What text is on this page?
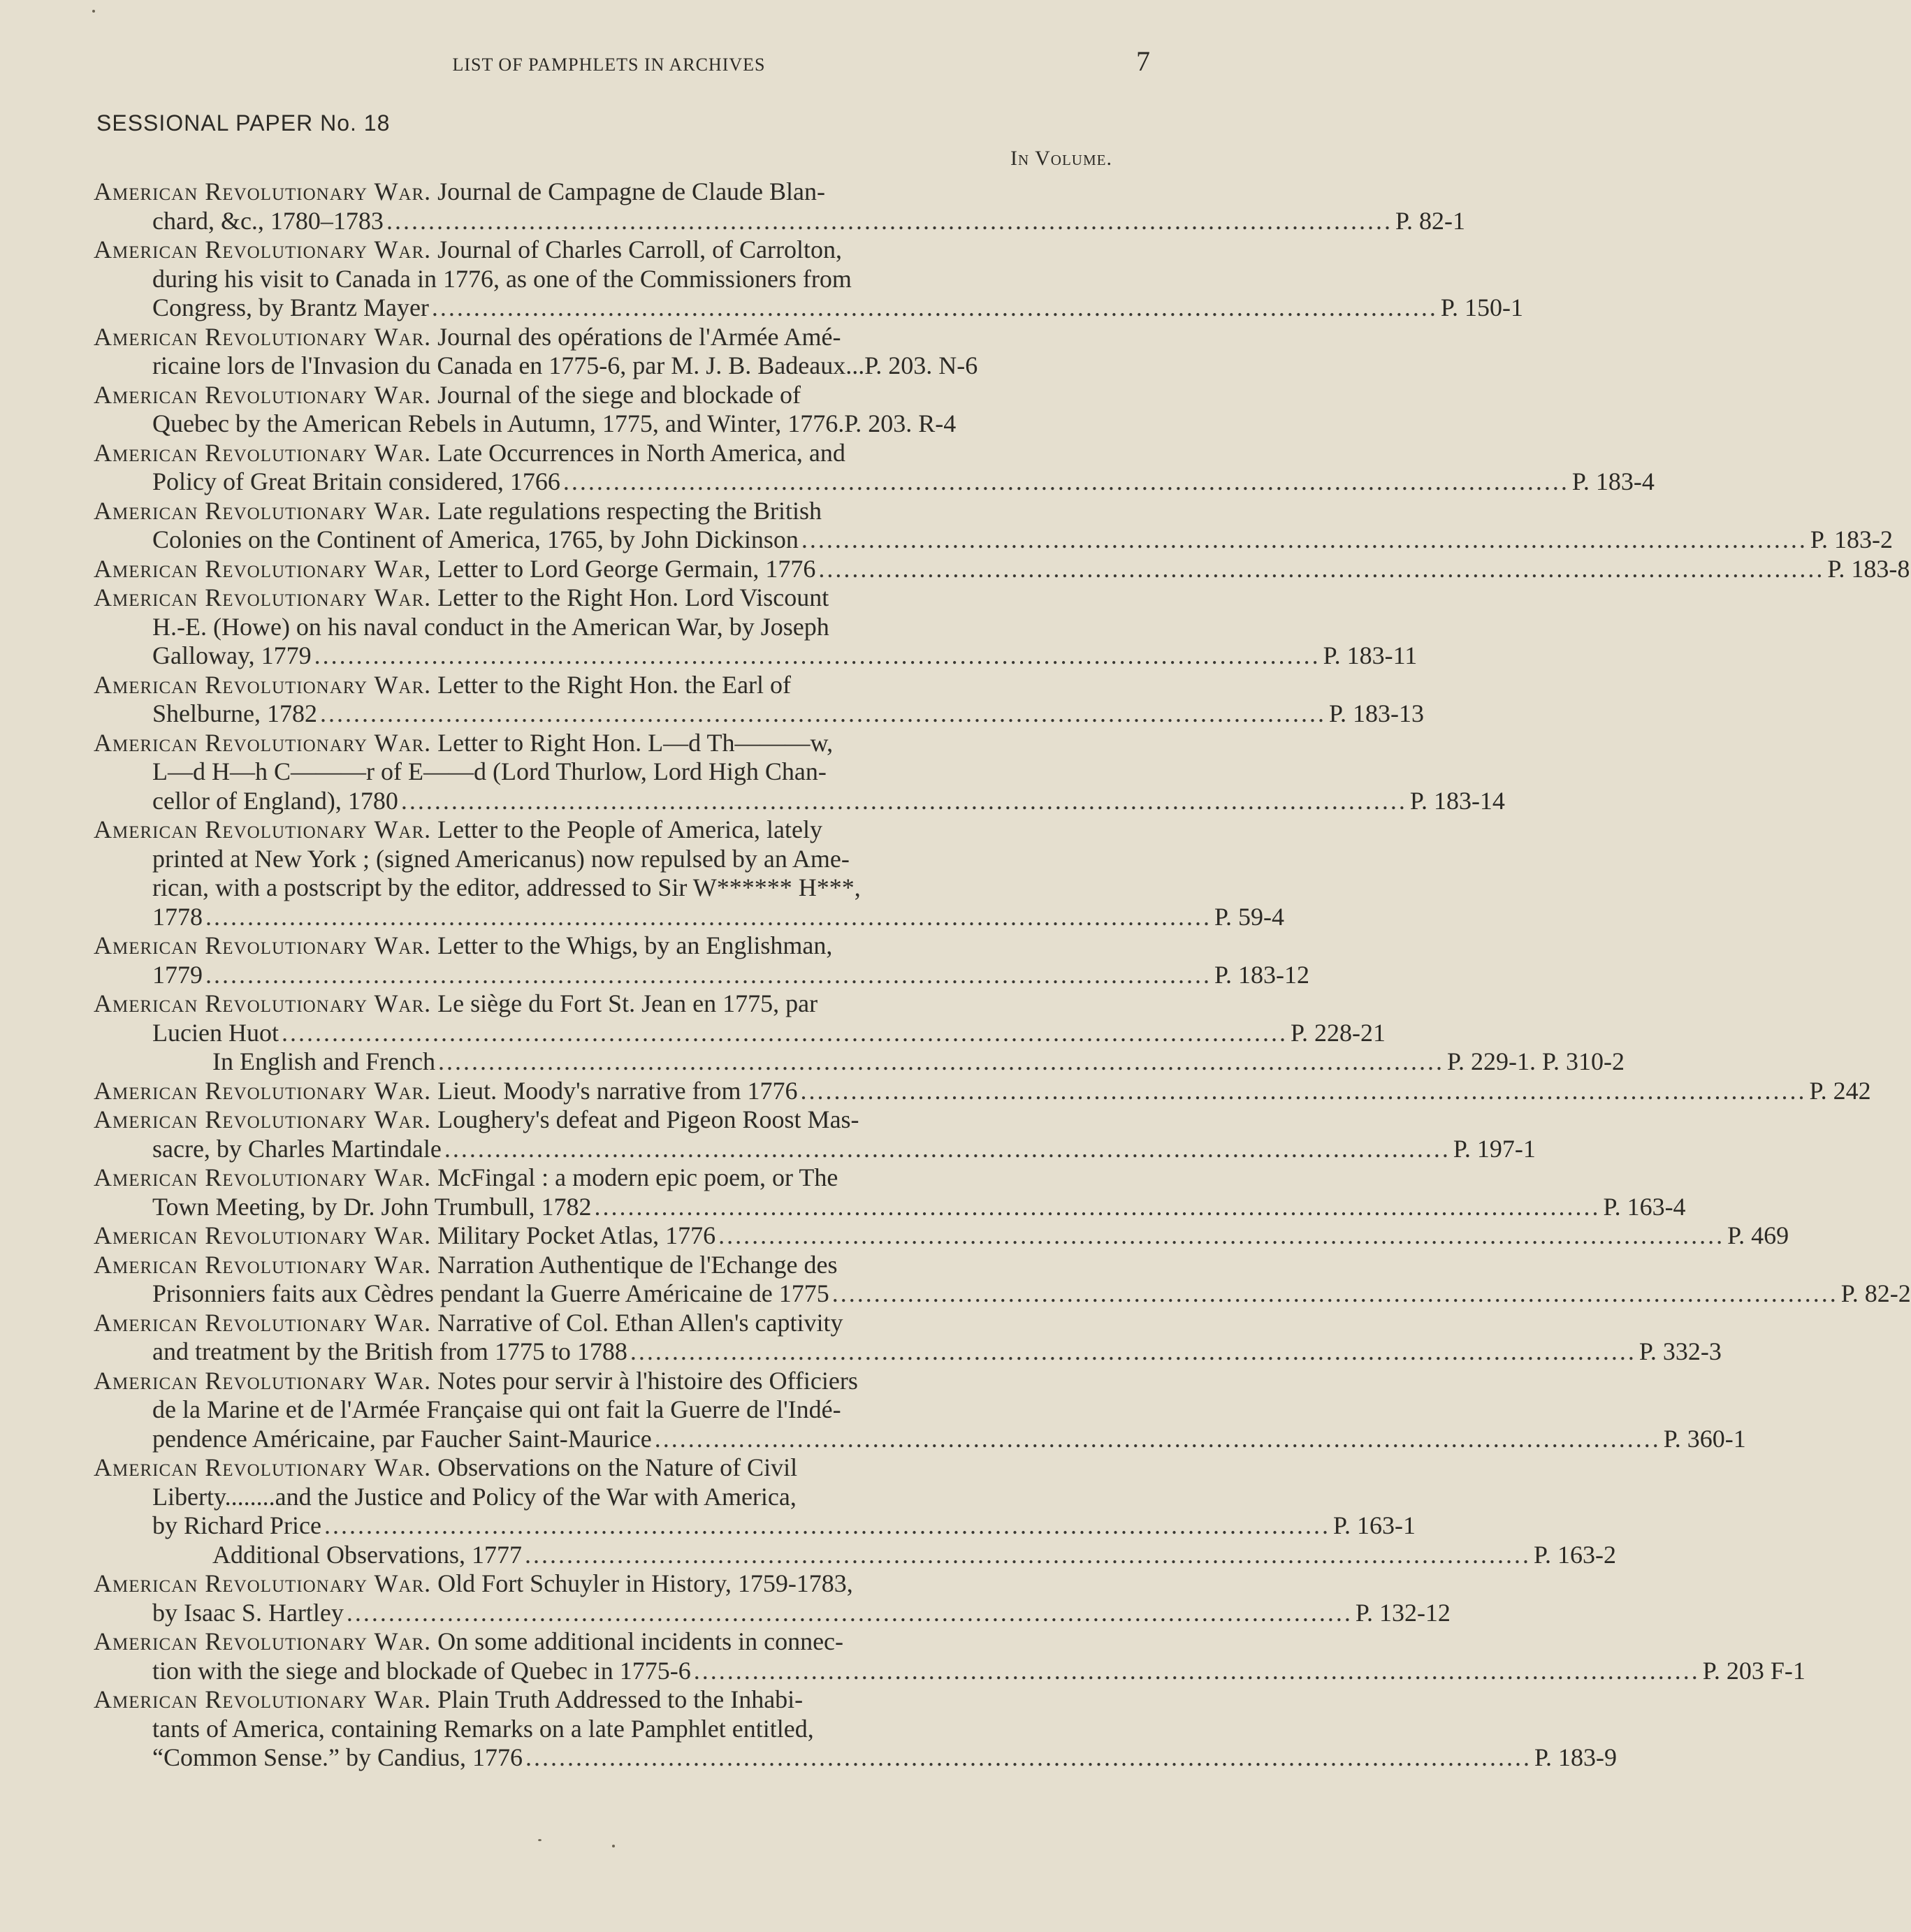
LIST OF PAMPHLETS IN ARCHIVES	7
SESSIONAL PAPER No. 18
In Volume.
American Revolutionary War. Journal de Campagne de Claude Blan-
chard, &c., 1780–1783 ........................................................................................................................ P. 82-1
American Revolutionary War. Journal of Charles Carroll, of Carrolton,
during his visit to Canada in 1776, as one of the Commissioners from
Congress, by Brantz Mayer ........................................................................................................................ P. 150-1
American Revolutionary War. Journal des opérations de l'Armée Amé-
ricaine lors de l'Invasion du Canada en 1775-6, par M. J. B. Badeaux...P. 203. N-6
American Revolutionary War. Journal of the siege and blockade of
Quebec by the American Rebels in Autumn, 1775, and Winter, 1776.P. 203. R-4
American Revolutionary War. Late Occurrences in North America, and
Policy of Great Britain considered, 1766 ........................................................................................................................ P. 183-4
American Revolutionary War. Late regulations respecting the British
Colonies on the Continent of America, 1765, by John Dickinson ........................................................................................................................ P. 183-2
American Revolutionary War, Letter to Lord George Germain, 1776 ........................................................................................................................ P. 183-8
American Revolutionary War. Letter to the Right Hon. Lord Viscount
H.-E. (Howe) on his naval conduct in the American War, by Joseph
Galloway, 1779 ........................................................................................................................ P. 183-11
American Revolutionary War. Letter to the Right Hon. the Earl of
Shelburne, 1782 ........................................................................................................................ P. 183-13
American Revolutionary War. Letter to Right Hon. L—d Th———w,
L—d H—h C———r of E——d (Lord Thurlow, Lord High Chan-
cellor of England), 1780 ........................................................................................................................ P. 183-14
American Revolutionary War. Letter to the People of America, lately
printed at New York ; (signed Americanus) now repulsed by an Ame-
rican, with a postscript by the editor, addressed to Sir W****** H***,
1778 ........................................................................................................................ P. 59-4
American Revolutionary War. Letter to the Whigs, by an Englishman,
1779 ........................................................................................................................ P. 183-12
American Revolutionary War. Le siège du Fort St. Jean en 1775, par
Lucien Huot ........................................................................................................................ P. 228-21
In English and French ........................................................................................................................ P. 229-1. P. 310-2
American Revolutionary War. Lieut. Moody's narrative from 1776 ........................................................................................................................ P. 242
American Revolutionary War. Loughery's defeat and Pigeon Roost Mas-
sacre, by Charles Martindale ........................................................................................................................ P. 197-1
American Revolutionary War. McFingal : a modern epic poem, or The
Town Meeting, by Dr. John Trumbull, 1782 ........................................................................................................................ P. 163-4
American Revolutionary War. Military Pocket Atlas, 1776 ........................................................................................................................ P. 469
American Revolutionary War. Narration Authentique de l'Echange des
Prisonniers faits aux Cèdres pendant la Guerre Américaine de 1775 ........................................................................................................................ P. 82-2
American Revolutionary War. Narrative of Col. Ethan Allen's captivity
and treatment by the British from 1775 to 1788 ........................................................................................................................ P. 332-3
American Revolutionary War. Notes pour servir à l'histoire des Officiers
de la Marine et de l'Armée Française qui ont fait la Guerre de l'Indé-
pendence Américaine, par Faucher Saint-Maurice ........................................................................................................................ P. 360-1
American Revolutionary War. Observations on the Nature of Civil
Liberty........and the Justice and Policy of the War with America,
by Richard Price ........................................................................................................................ P. 163-1
Additional Observations, 1777 ........................................................................................................................ P. 163-2
American Revolutionary War. Old Fort Schuyler in History, 1759-1783,
by Isaac S. Hartley ........................................................................................................................ P. 132-12
American Revolutionary War. On some additional incidents in connec-
tion with the siege and blockade of Quebec in 1775-6 ........................................................................................................................ P. 203 F-1
American Revolutionary War. Plain Truth Addressed to the Inhabi-
tants of America, containing Remarks on a late Pamphlet entitled,
“Common Sense.” by Candius, 1776 ........................................................................................................................ P. 183-9
